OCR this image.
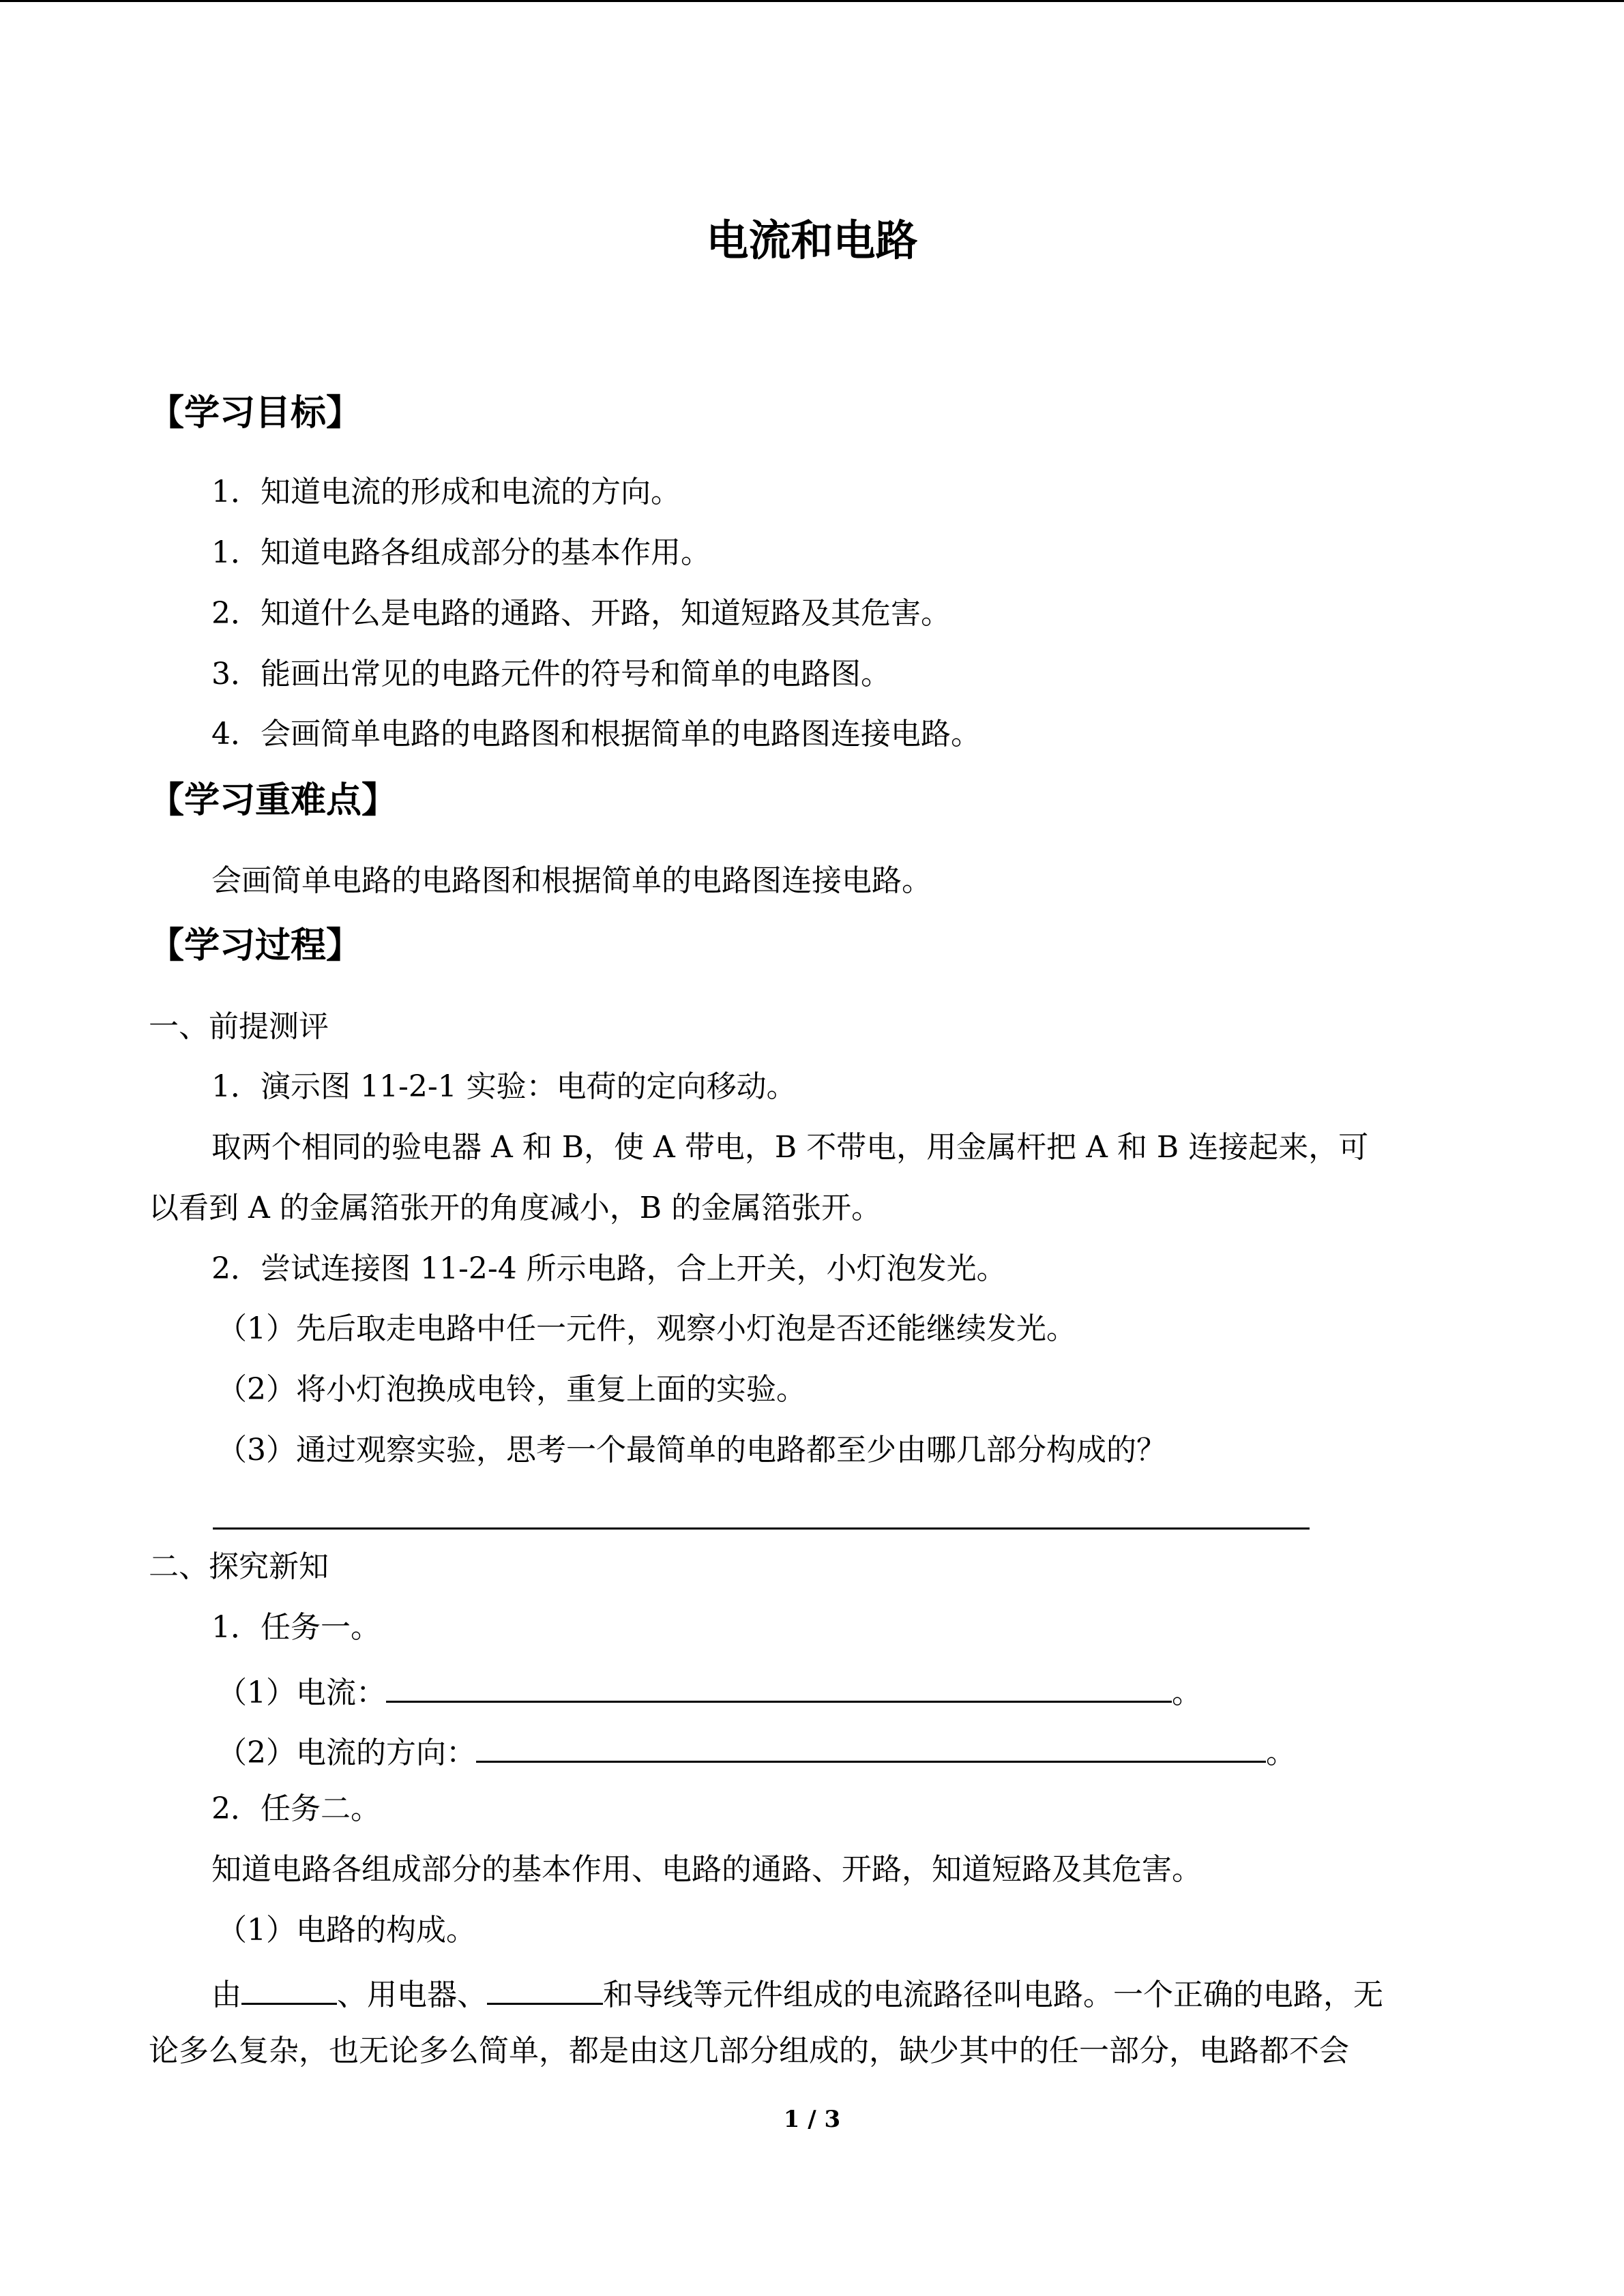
电流和电路
【学习目标】
1．知道电流的形成和电流的方向。
1．知道电路各组成部分的基本作用。
2．知道什么是电路的通路、开路，知道短路及其危害。
3．能画出常见的电路元件的符号和简单的电路图。
4．会画简单电路的电路图和根据简单的电路图连接电路。
【学习重难点】
会画简单电路的电路图和根据简单的电路图连接电路。
【学习过程】
一、前提测评
1．演示图 11-2-1 实验：电荷的定向移动。
取两个相同的验电器 A 和 B，使 A 带电，B 不带电，用金属杆把 A 和 B 连接起来，可
以看到 A 的金属箔张开的角度减小，B 的金属箔张开。
2．尝试连接图 11-2-4 所示电路，合上开关，小灯泡发光。
（1）先后取走电路中任一元件，观察小灯泡是否还能继续发光。
（2）将小灯泡换成电铃，重复上面的实验。
（3）通过观察实验，思考一个最简单的电路都至少由哪几部分构成的？
二、探究新知
1．任务一。
（1）电流：	。
（2）电流的方向：	。
2．任务二。
知道电路各组成部分的基本作用、电路的通路、开路，知道短路及其危害。
（1）电路的构成。
由	、用电器、	和导线等元件组成的电流路径叫电路。一个正确的电路，无
论多么复杂，也无论多么简单，都是由这几部分组成的，缺少其中的任一部分，电路都不会
1 / 3
